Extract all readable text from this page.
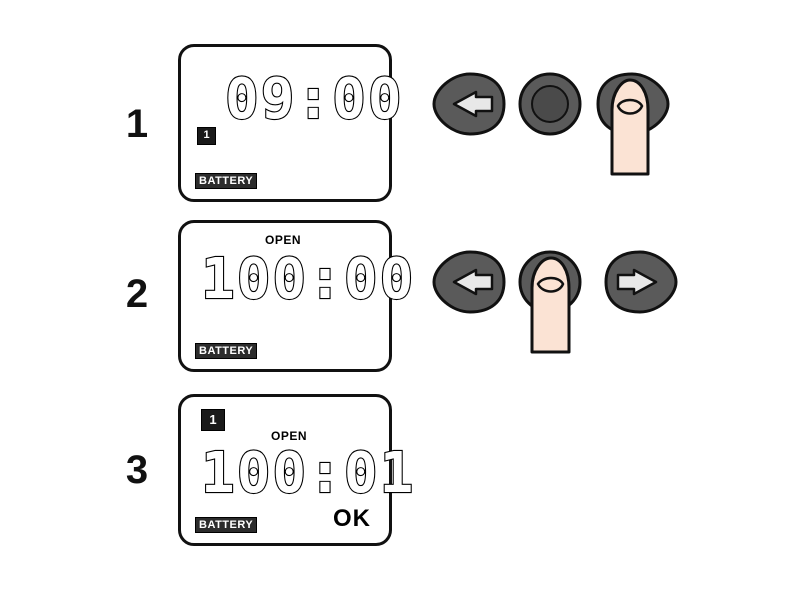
1	1
09:00
BATTERY
2
OPEN
100:00
BATTERY
3
1
OPEN
100:01
BATTERY	OK
